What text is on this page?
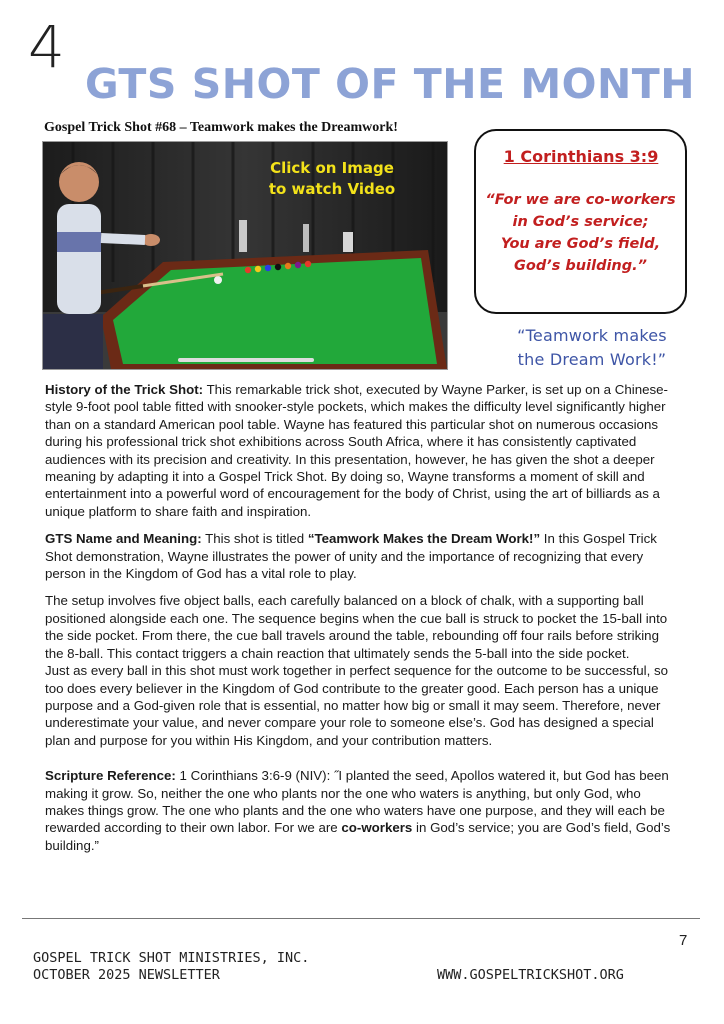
4
GTS SHOT OF THE MONTH
Gospel Trick Shot #68 – Teamwork makes the Dreamwork!
Click on Image
to watch Video
1 Corinthians 3:9
“For we are co-workers
in God’s service;
You are God’s field,
God’s building.”
“Teamwork makes
the Dream Work!”

History of the Trick Shot: This remarkable trick shot, executed by Wayne Parker, is set up on a Chinese-style 9-foot pool table fitted with snooker-style pockets, which makes the difficulty level significantly higher than on a standard American pool table. Wayne has featured this particular shot on numerous occasions during his professional trick shot exhibitions across South Africa, where it has consistently captivated audiences with its precision and creativity. In this presentation, however, he has given the shot a deeper meaning by adapting it into a Gospel Trick Shot. By doing so, Wayne transforms a moment of skill and entertainment into a powerful word of encouragement for the body of Christ, using the art of billiards as a unique platform to share faith and inspiration.

GTS Name and Meaning: This shot is titled “Teamwork Makes the Dream Work!” In this Gospel Trick Shot demonstration, Wayne illustrates the power of unity and the importance of recognizing that every person in the Kingdom of God has a vital role to play.

The setup involves five object balls, each carefully balanced on a block of chalk, with a supporting ball positioned alongside each one. The sequence begins when the cue ball is struck to pocket the 15-ball into the side pocket. From there, the cue ball travels around the table, rebounding off four rails before striking the 8-ball. This contact triggers a chain reaction that ultimately sends the 5-ball into the side pocket.

Just as every ball in this shot must work together in perfect sequence for the outcome to be successful, so too does every believer in the Kingdom of God contribute to the greater good. Each person has a unique purpose and a God-given role that is essential, no matter how big or small it may seem. Therefore, never underestimate your value, and never compare your role to someone else’s. God has designed a special plan and purpose for you within His Kingdom, and your contribution matters.

Scripture Reference: 1 Corinthians 3:6-9 (NIV): ˝I planted the seed, Apollos watered it, but God has been making it grow. So, neither the one who plants nor the one who waters is anything, but only God, who makes things grow. The one who plants and the one who waters have one purpose, and they will each be rewarded according to their own labor. For we are co-workers in God’s service; you are God’s field, God’s building.”

7
GOSPEL TRICK SHOT MINISTRIES, INC.
OCTOBER 2025 NEWSLETTER	WWW.GOSPELTRICKSHOT.ORG
